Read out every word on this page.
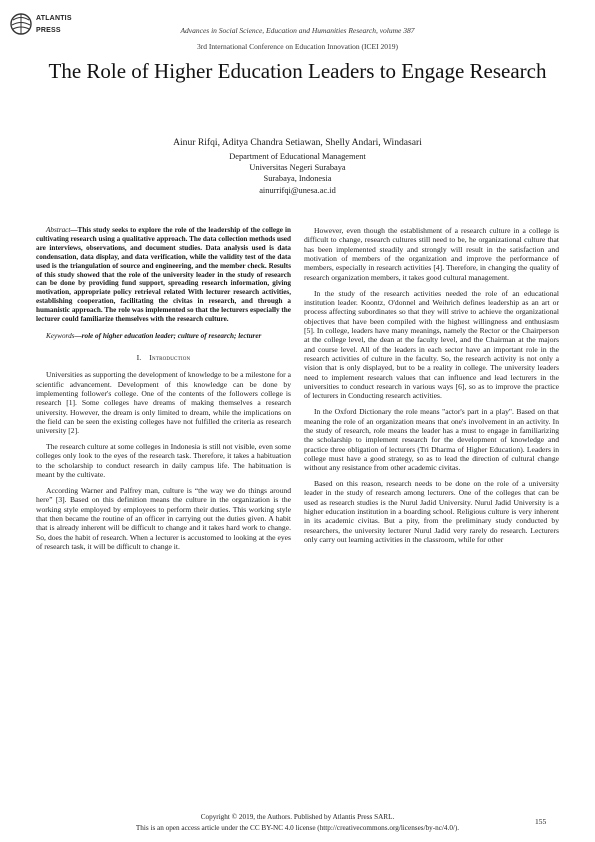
ATLANTIS
PRESS	Advances in Social Science, Education and Humanities Research, volume 387
3rd International Conference on Education Innovation (ICEI 2019)
The Role of Higher Education Leaders to Engage Research
Ainur Rifqi, Aditya Chandra Setiawan, Shelly Andari, Windasari
Department of Educational Management
Universitas Negeri Surabaya
Surabaya, Indonesia
ainurrifqi@unesa.ac.id

Abstract—This study seeks to explore the role of the leadership of the college in cultivating research using a qualitative approach. The data collection methods used are interviews, observations, and document studies. Data analysis used is data condensation, data display, and data verification, while the validity test of the data used is the triangulation of source and engineering, and the member check. Results of this study showed that the role of the university leader in the study of research can be done by providing fund support, spreading research information, giving motivation, appropriate policy retrieval related With lecturer research activities, establishing cooperation, facilitating the civitas in research, and through a humanistic approach. The role was implemented so that the lecturers especially the lecturer could familiarize themselves with the research culture.

Keywords—role of higher education leader; culture of research; lecturer

I. Introduction

Universities as supporting the development of knowledge to be a milestone for a scientific advancement. Development of this knowledge can be done by implementing follower's college. One of the contents of the followers college is research [1]. Some colleges have dreams of making themselves a research university. However, the dream is only limited to dream, while the implications on the field can be seen the existing colleges have not fulfilled the criteria as research university [2].

The research culture at some colleges in Indonesia is still not visible, even some colleges only look to the eyes of the research task. Therefore, it takes a habituation to the scholarship to conduct research in daily campus life. The habituation is meant by the cultivate.

According Warner and Palfrey man, culture is “the way we do things around here” [3]. Based on this definition means the culture in the organization is the working style employed by employees to perform their duties. This working style that then became the routine of an officer in carrying out the duties given. A habit that is already inherent will be difficult to change and it takes hard work to change. So, does the habit of research. When a lecturer is accustomed to looking at the eyes of research task, it will be difficult to change it.

However, even though the establishment of a research culture in a college is difficult to change, research cultures still need to be, he organizational culture that has been implemented steadily and strongly will result in the satisfaction and motivation of members of the organization and improve the performance of members, especially in research activities [4]. Therefore, in changing the quality of research organization members, it takes good cultural management.

In the study of the research activities needed the role of an educational institution leader. Koontz, O'donnel and Weihrich defines leadership as an art or process affecting subordinates so that they will strive to achieve the organizational objectives that have been compiled with the highest willingness and enthusiasm [5]. In college, leaders have many meanings, namely the Rector or the Chairperson at the college level, the dean at the faculty level, and the Chairman at the majors and course level. All of the leaders in each sector have an important role in the research activities of culture in the faculty. So, the research activity is not only a vision that is only displayed, but to be a reality in college. The university leaders need to implement research values that can influence and lead lecturers in the universities to conduct research in various ways [6], so as to improve the practice of lecturers in Conducting research activities.

In the Oxford Dictionary the role means "actor's part in a play". Based on that meaning the role of an organization means that one's involvement in an activity. In the study of research, role means the leader has a must to engage in familiarizing the scholarship to implement research for the development of knowledge and practice three obligation of lecturers (Tri Dharma of Higher Education). Leaders in college must have a good strategy, so as to lead the direction of cultural change without any resistance from other academic civitas.

Based on this reason, research needs to be done on the role of a university leader in the study of research among lecturers. One of the colleges that can be used as research studies is the Nurul Jadid University. Nurul Jadid University is a higher education institution in a boarding school. Religious culture is very inherent in its academic civitas. But a pity, from the preliminary study conducted by researchers, the university lecturer Nurul Jadid very rarely do research. Lecturers only carry out learning activities in the classroom, while for other

Copyright © 2019, the Authors. Published by Atlantis Press SARL.
This is an open access article under the CC BY-NC 4.0 license (http://creativecommons.org/licenses/by-nc/4.0/).
155
